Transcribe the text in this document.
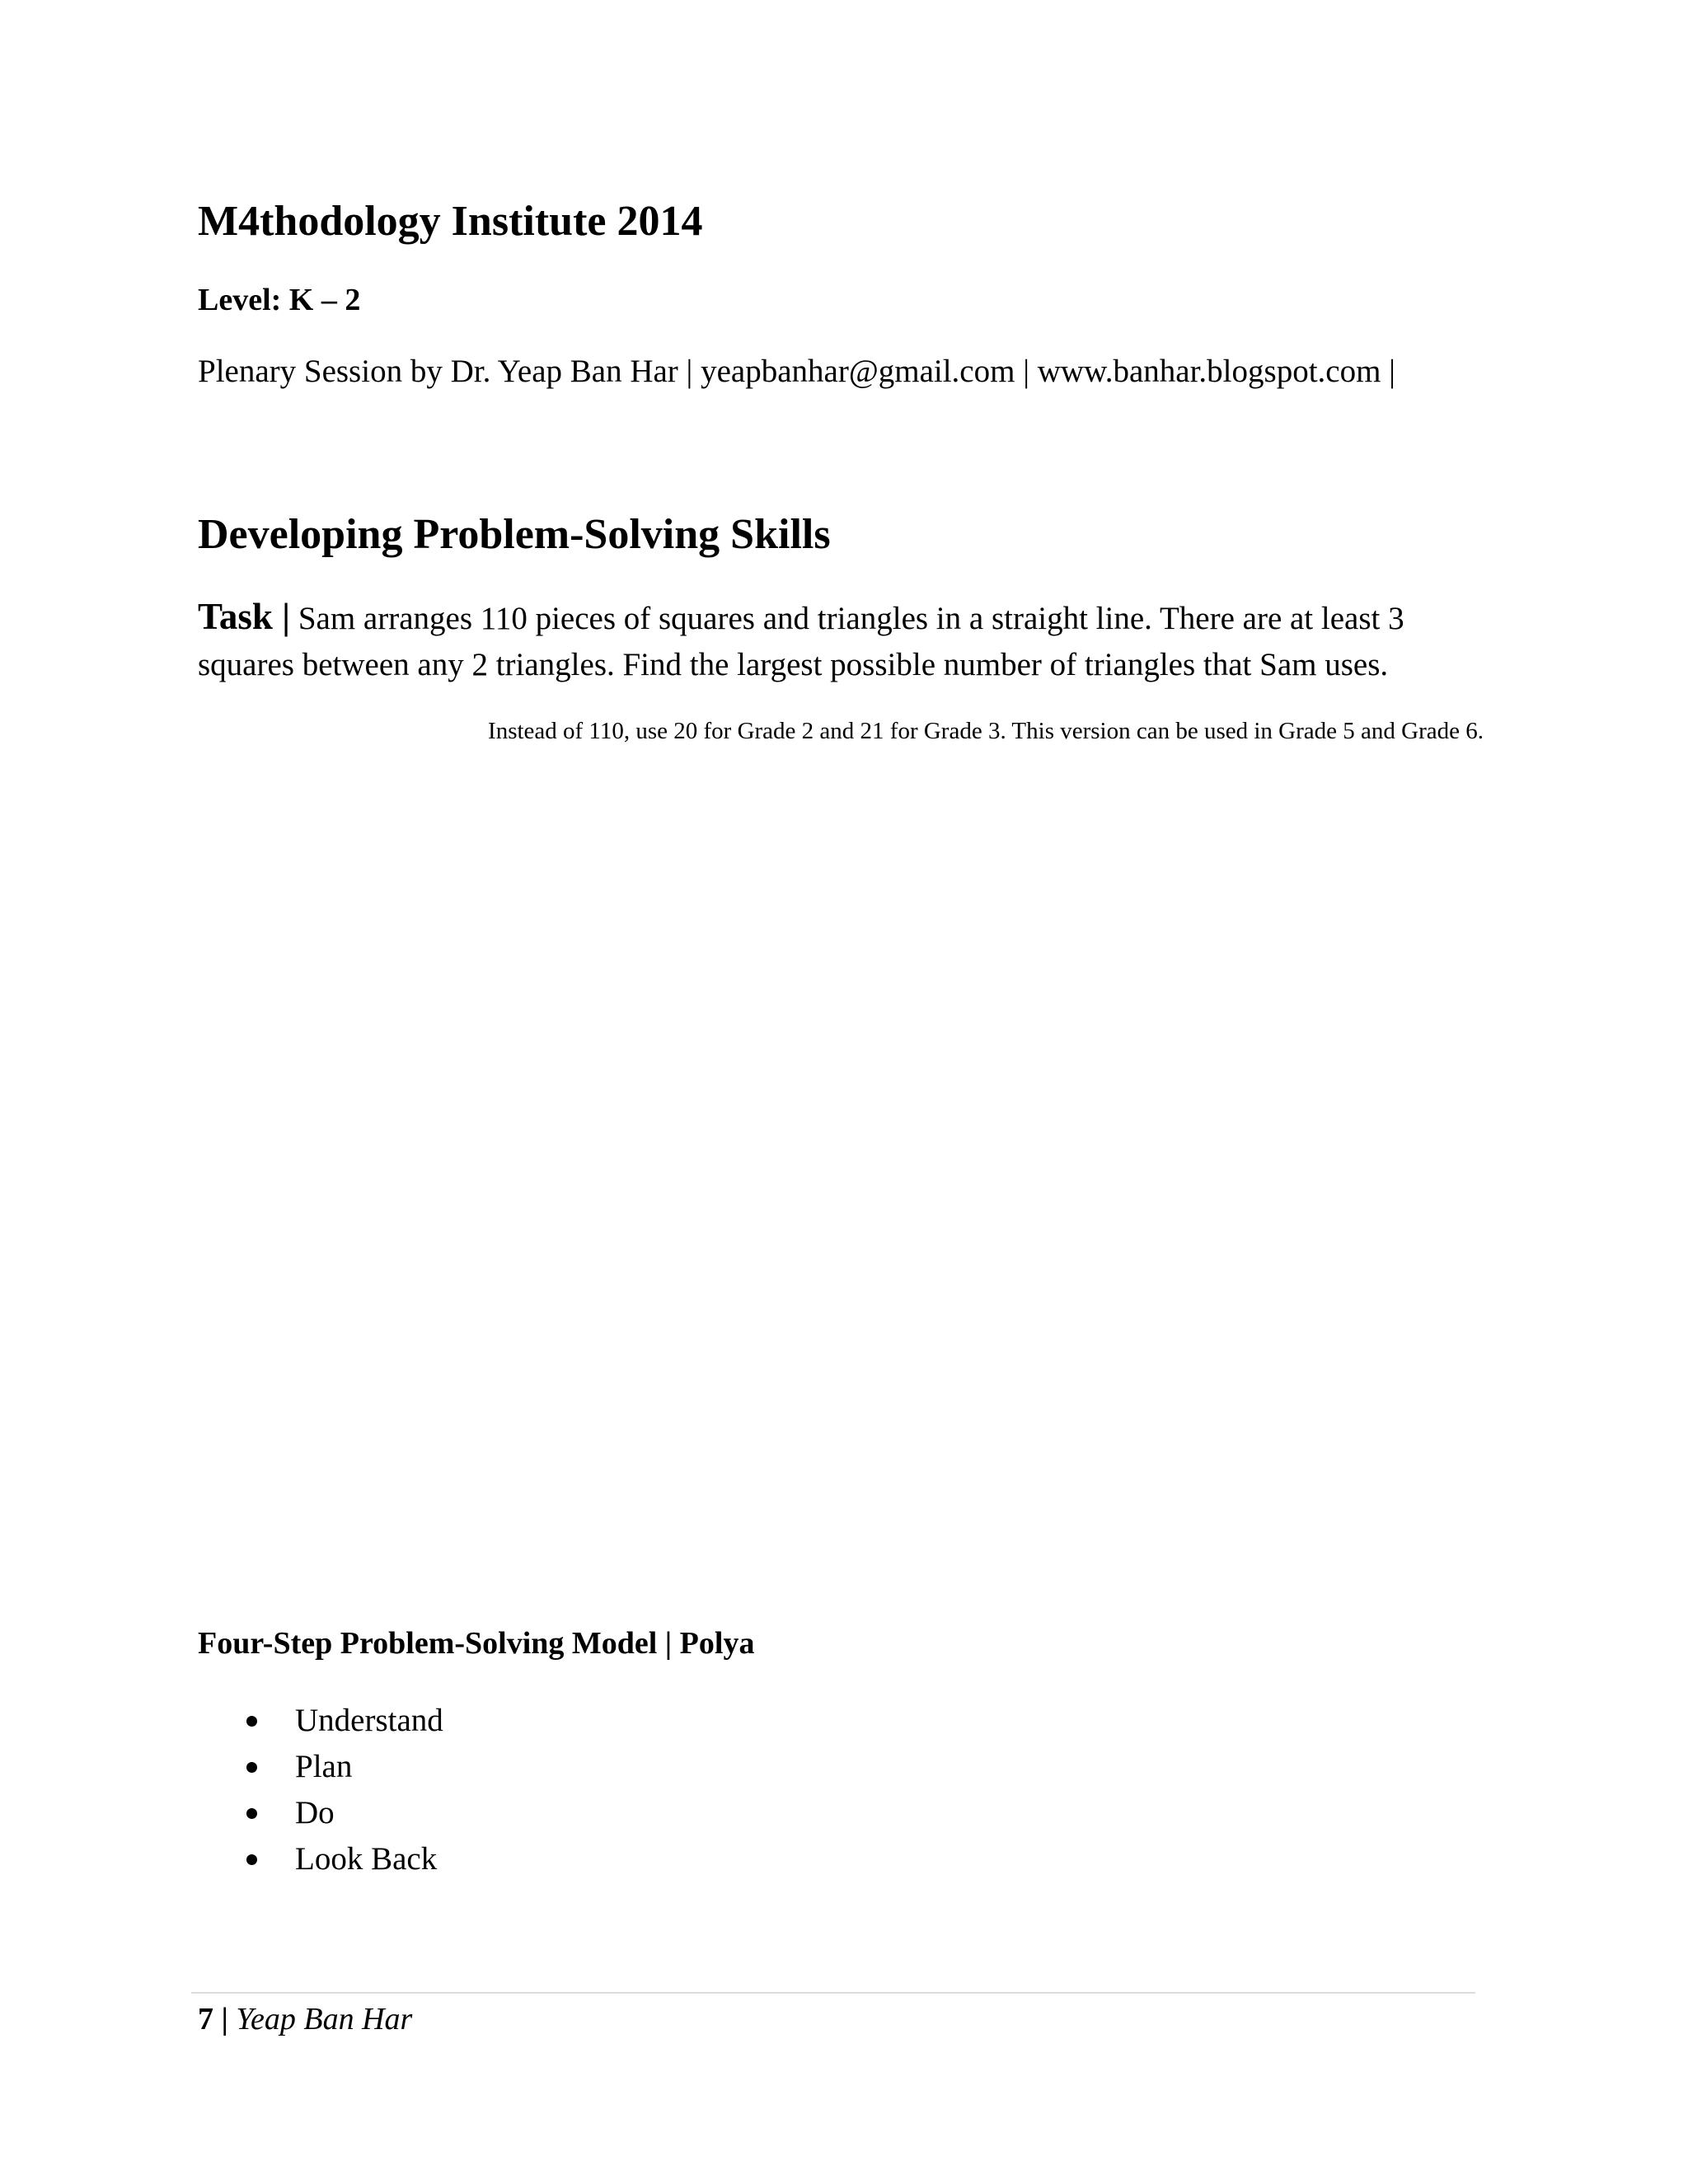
M4thodology Institute 2014

Level: K – 2

Plenary Session by Dr. Yeap Ban Har | yeapbanhar@gmail.com | www.banhar.blogspot.com |

Developing Problem-Solving Skills

Task | Sam arranges 110 pieces of squares and triangles in a straight line. There are at least 3 squares between any 2 triangles. Find the largest possible number of triangles that Sam uses.

Instead of 110, use 20 for Grade 2 and 21 for Grade 3. This version can be used in Grade 5 and Grade 6.

Four-Step Problem-Solving Model | Polya

Understand
Plan
Do
Look Back

7 | Yeap Ban Har
